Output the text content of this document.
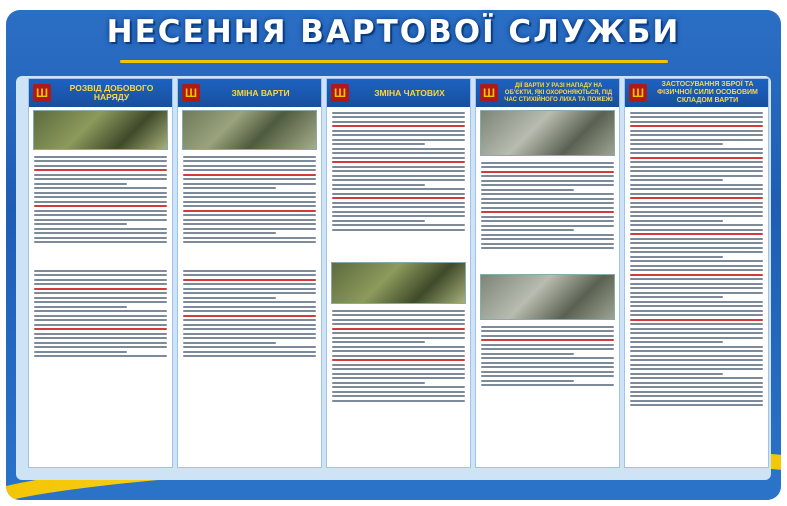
НЕСЕННЯ ВАРТОВОЇ СЛУЖБИ
Ш	РОЗВІД ДОБОВОГО НАРЯДУ	Ш	ЗМІНА ВАРТИ	Ш	ЗМІНА ЧАТОВИХ	Ш
ДІЇ ВАРТИ У РАЗІ НАПАДУ НА ОБ'ЄКТИ, ЯКІ ОХОРОНЯЮТЬСЯ, ПІД ЧАС СТИХІЙНОГО ЛИХА ТА ПОЖЕЖІ Ш
ЗАСТОСУВАННЯ ЗБРОЇ ТА ФІЗИЧНОЇ СИЛИ ОСОБОВИМ СКЛАДОМ ВАРТИ
